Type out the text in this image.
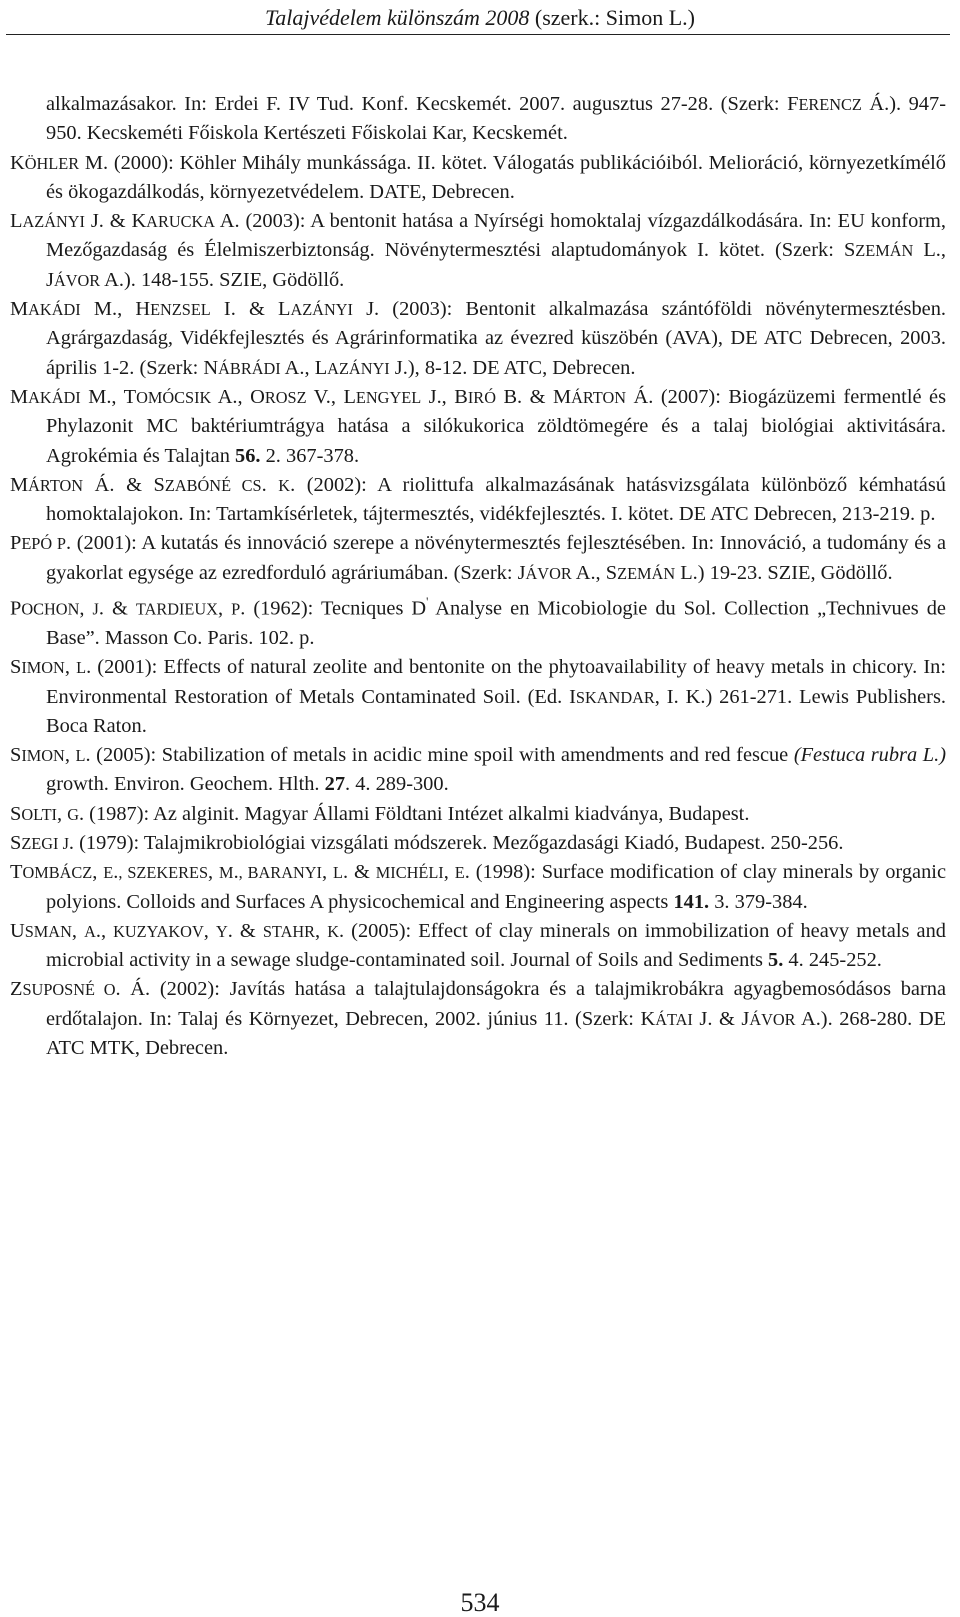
Talajvédelem különszám 2008 (szerk.: Simon L.)

alkalmazásakor. In: Erdei F. IV Tud. Konf. Kecskemét. 2007. augusztus 27-28. (Szerk: FERENCZ Á.). 947-950. Kecskeméti Főiskola Kertészeti Főiskolai Kar, Kecskemét.

KÖHLER M. (2000): Köhler Mihály munkássága. II. kötet. Válogatás publikációiból. Melioráció, környezetkímélő és ökogazdálkodás, környezetvédelem. DATE, Debrecen.

LAZÁNYI J. & KARUCKA A. (2003): A bentonit hatása a Nyírségi homoktalaj vízgazdálkodására. In: EU konform, Mezőgazdaság és Élelmiszerbiztonság. Növénytermesztési alaptudományok I. kötet. (Szerk: SZEMÁN L., JÁVOR A.). 148-155. SZIE, Gödöllő.

MAKÁDI M., HENZSEL I. & LAZÁNYI J. (2003): Bentonit alkalmazása szántóföldi növénytermesztésben. Agrárgazdaság, Vidékfejlesztés és Agrárinformatika az évezred küszöbén (AVA), DE ATC Debrecen, 2003. április 1-2. (Szerk: NÁBRÁDI A., LAZÁNYI J.), 8-12. DE ATC, Debrecen.

MAKÁDI M., TOMÓCSIK A., OROSZ V., LENGYEL J., BIRÓ B. & MÁRTON Á. (2007): Biogázüzemi fermentlé és Phylazonit MC baktériumtrágya hatása a silókukorica zöldtömegére és a talaj biológiai aktivitására. Agrokémia és Talajtan 56. 2. 367-378.

MÁRTON Á. & SZABÓNÉ CS. K. (2002): A riolittufa alkalmazásának hatásvizsgálata különböző kémhatású homoktalajokon. In: Tartamkísérletek, tájtermesztés, vidékfejlesztés. I. kötet. DE ATC Debrecen, 213-219. p.

PEPÓ P. (2001): A kutatás és innováció szerepe a növénytermesztés fejlesztésében. In: Innováció, a tudomány és a gyakorlat egysége az ezredforduló agráriumában. (Szerk: JÁVOR A., SZEMÁN L.) 19-23. SZIE, Gödöllő.

POCHON, J. & TARDIEUX, P. (1962): Tecniques D' Analyse en Micobiologie du Sol. Collection „Technivues de Base”. Masson Co. Paris. 102. p.

SIMON, L. (2001): Effects of natural zeolite and bentonite on the phytoavailability of heavy metals in chicory. In: Environmental Restoration of Metals Contaminated Soil. (Ed. ISKANDAR, I. K.) 261-271. Lewis Publishers. Boca Raton.

SIMON, L. (2005): Stabilization of metals in acidic mine spoil with amendments and red fescue (Festuca rubra L.) growth. Environ. Geochem. Hlth. 27. 4. 289-300.

SOLTI, G. (1987): Az alginit. Magyar Állami Földtani Intézet alkalmi kiadványa, Budapest.

SZEGI J. (1979): Talajmikrobiológiai vizsgálati módszerek. Mezőgazdasági Kiadó, Budapest. 250-256.

TOMBÁCZ, E., SZEKERES, M., BARANYI, L. & MICHÉLI, E. (1998): Surface modification of clay minerals by organic polyions. Colloids and Surfaces A physicochemical and Engineering aspects 141. 3. 379-384.

USMAN, A., KUZYAKOV, Y. & STAHR, K. (2005): Effect of clay minerals on immobilization of heavy metals and microbial activity in a sewage sludge-contaminated soil. Journal of Soils and Sediments 5. 4. 245-252.

ZSUPOSNÉ O. Á. (2002): Javítás hatása a talajtulajdonságokra és a talajmikrobákra agyagbemosódásos barna erdőtalajon. In: Talaj és Környezet, Debrecen, 2002. június 11. (Szerk: KÁTAI J. & JÁVOR A.). 268-280. DE ATC MTK, Debrecen.

534
